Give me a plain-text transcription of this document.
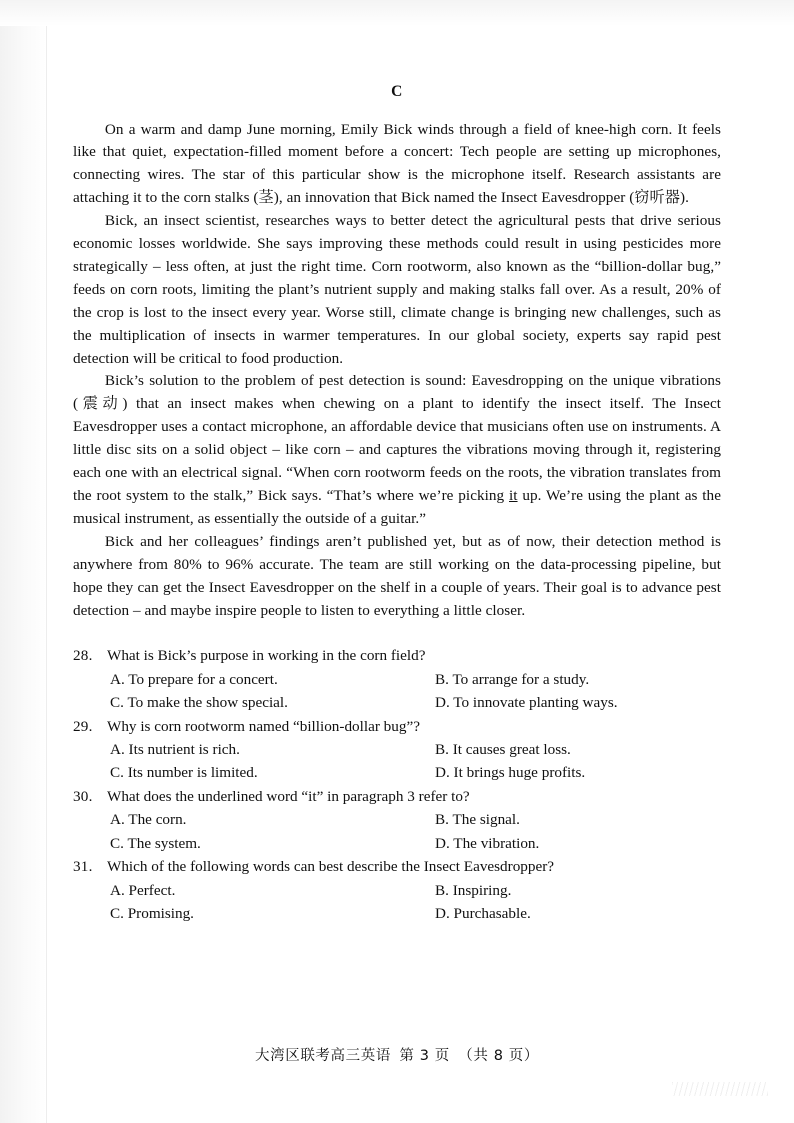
C

On a warm and damp June morning, Emily Bick winds through a field of knee-high corn. It feels like that quiet, expectation-filled moment before a concert: Tech people are setting up microphones, connecting wires. The star of this particular show is the microphone itself. Research assistants are attaching it to the corn stalks (茎), an innovation that Bick named the Insect Eavesdropper (窃听器).

Bick, an insect scientist, researches ways to better detect the agricultural pests that drive serious economic losses worldwide. She says improving these methods could result in using pesticides more strategically – less often, at just the right time. Corn rootworm, also known as the “billion-dollar bug,” feeds on corn roots, limiting the plant’s nutrient supply and making stalks fall over. As a result, 20% of the crop is lost to the insect every year. Worse still, climate change is bringing new challenges, such as the multiplication of insects in warmer temperatures. In our global society, experts say rapid pest detection will be critical to food production.

Bick’s solution to the problem of pest detection is sound: Eavesdropping on the unique vibrations (震动) that an insect makes when chewing on a plant to identify the insect itself. The Insect Eavesdropper uses a contact microphone, an affordable device that musicians often use on instruments. A little disc sits on a solid object – like corn – and captures the vibrations moving through it, registering each one with an electrical signal. “When corn rootworm feeds on the roots, the vibration translates from the root system to the stalk,” Bick says. “That’s where we’re picking it up. We’re using the plant as the musical instrument, as essentially the outside of a guitar.”

Bick and her colleagues’ findings aren’t published yet, but as of now, their detection method is anywhere from 80% to 96% accurate. The team are still working on the data-processing pipeline, but hope they can get the Insect Eavesdropper on the shelf in a couple of years. Their goal is to advance pest detection – and maybe inspire people to listen to everything a little closer.

28. What is Bick’s purpose in working in the corn field?
A. To prepare for a concert.	B. To arrange for a study.
C. To make the show special.	D. To innovate planting ways.
29. Why is corn rootworm named “billion-dollar bug”?
A. Its nutrient is rich.	B. It causes great loss.
C. Its number is limited.	D. It brings huge profits.
30. What does the underlined word “it” in paragraph 3 refer to?
A. The corn.	B. The signal.
C. The system.	D. The vibration.
31. Which of the following words can best describe the Insect Eavesdropper?
A. Perfect.	B. Inspiring.
C. Promising.	D. Purchasable.
大湾区联考高三英语 第 3 页 （共 8 页）
